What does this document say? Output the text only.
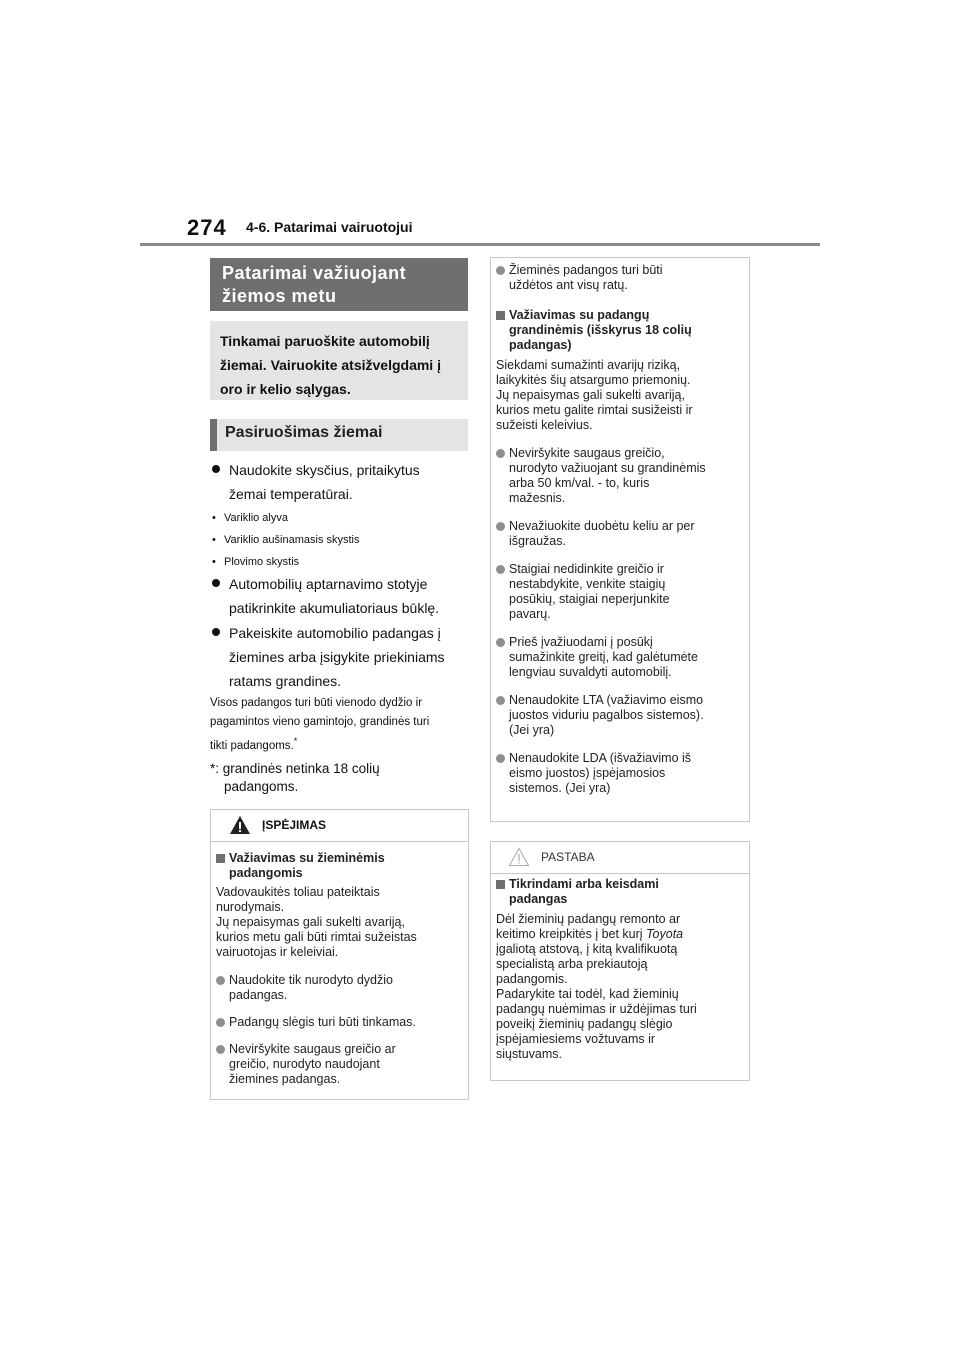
274 4-6. Patarimai vairuotojui
Patarimai važiuojant
žiemos metu
Tinkamai paruoškite automobilį
žiemai. Vairuokite atsižvelgdami į
oro ir kelio sąlygas.
Pasiruošimas žiemai
Naudokite skysčius, pritaikytus
žemai temperatūrai.
• Variklio alyva
• Variklio aušinamasis skystis
• Plovimo skystis
Automobilių aptarnavimo stotyje
patikrinkite akumuliatoriaus būklę.
Pakeiskite automobilio padangas į
žiemines arba įsigykite priekiniams
ratams grandines.
Visos padangos turi būti vienodo dydžio ir
pagamintos vieno gamintojo, grandinės turi
tikti padangoms.*
*: grandinės netinka 18 colių
padangoms.
ĮSPĖJIMAS
Važiavimas su žieminėmis
padangomis
Vadovaukitės toliau pateiktais
nurodymais.
Jų nepaisymas gali sukelti avariją,
kurios metu gali būti rimtai sužeistas
vairuotojas ir keleiviai.
Naudokite tik nurodyto dydžio
padangas.
Padangų slėgis turi būti tinkamas.
Neviršykite saugaus greičio ar
greičio, nurodyto naudojant
žiemines padangas.
Žieminės padangos turi būti
uždėtos ant visų ratų.
Važiavimas su padangų
grandinėmis (išskyrus 18 colių
padangas)
Siekdami sumažinti avarijų riziką,
laikykitės šių atsargumo priemonių.
Jų nepaisymas gali sukelti avariją,
kurios metu galite rimtai susižeisti ir
sužeisti keleivius.
Neviršykite saugaus greičio,
nurodyto važiuojant su grandinėmis
arba 50 km/val. - to, kuris
mažesnis.
Nevažiuokite duobėtu keliu ar per
išgraužas.
Staigiai nedidinkite greičio ir
nestabdykite, venkite staigių
posūkių, staigiai neperjunkite
pavarų.
Prieš įvažiuodami į posūkį
sumažinkite greitį, kad galėtumėte
lengviau suvaldyti automobilį.
Nenaudokite LTA (važiavimo eismo
juostos viduriu pagalbos sistemos).
(Jei yra)
Nenaudokite LDA (išvažiavimo iš
eismo juostos) įspėjamosios
sistemos. (Jei yra)
PASTABA
Tikrindami arba keisdami
padangas
Dėl žieminių padangų remonto ar
keitimo kreipkitės į bet kurį Toyota
įgaliotą atstovą, į kitą kvalifikuotą
specialistą arba prekiautoją
padangomis.
Padarykite tai todėl, kad žieminių
padangų nuėmimas ir uždėjimas turi
poveikį žieminių padangų slėgio
įspėjamiesiems vožtuvams ir
siųstuvams.
